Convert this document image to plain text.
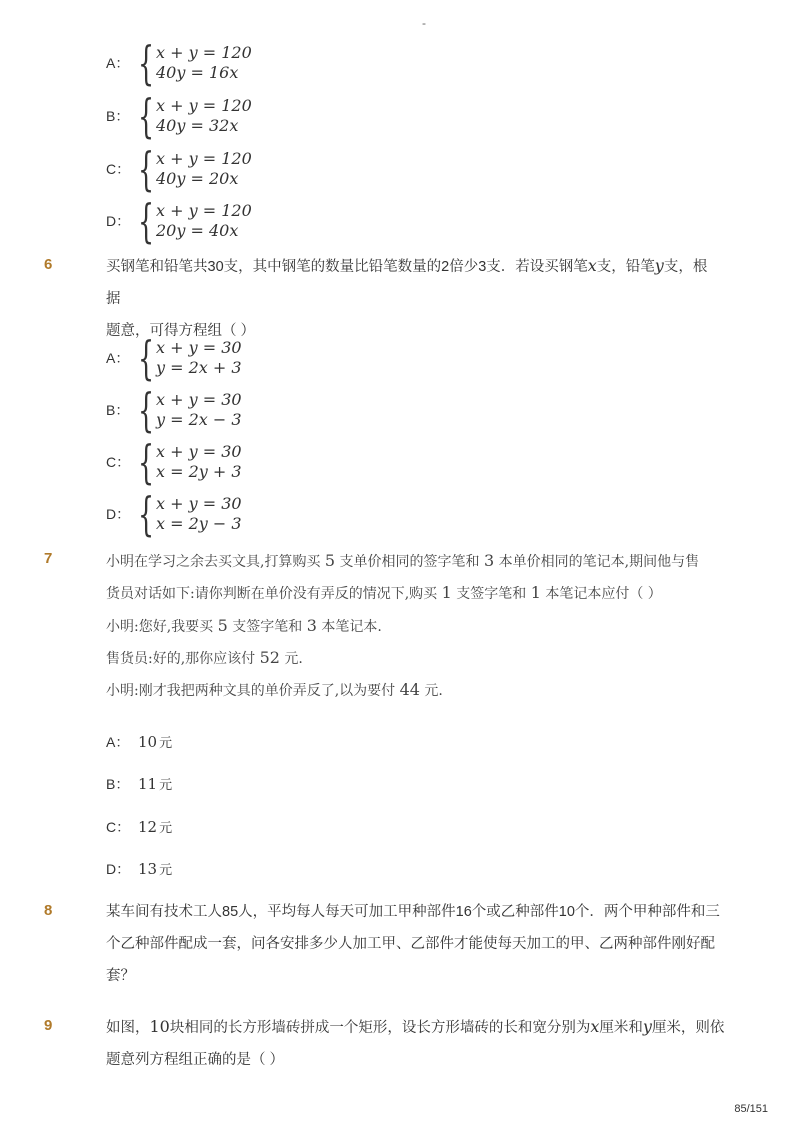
-
A： { x + y = 120
40y = 16x
B： { x + y = 120
40y = 32x
C： { x + y = 120
40y = 20x
D： { x + y = 120
20y = 40x
6	买钢笔和铅笔共30支，其中钢笔的数量比铅笔数量的2倍少3支．若设买钢笔x支，铅笔y支，根据
题意，可得方程组（ ）
A： { x + y = 30
y = 2x + 3
B： { x + y = 30
y = 2x − 3
C： { x + y = 30
x = 2y + 3
D： { x + y = 30
x = 2y − 3
7	小明在学习之余去买文具,打算购买 5 支单价相同的签字笔和 3 本单价相同的笔记本,期间他与售
货员对话如下:请你判断在单价没有弄反的情况下,购买 1 支签字笔和 1 本笔记本应付（ ）
小明:您好,我要买 5 支签字笔和 3 本笔记本.
售货员:好的,那你应该付 52 元.
小明:刚才我把两种文具的单价弄反了,以为要付 44 元.
A： 10 元
B： 11 元
C： 12 元
D： 13 元
8	某车间有技术工人85人，平均每人每天可加工甲种部件16个或乙种部件10个．两个甲种部件和三
个乙种部件配成一套，问各安排多少人加工甲、乙部件才能使每天加工的甲、乙两种部件刚好配
套？
9	如图，10块相同的长方形墙砖拼成一个矩形，设长方形墙砖的长和宽分别为x厘米和y厘米，则依
题意列方程组正确的是（ ）
85/151
